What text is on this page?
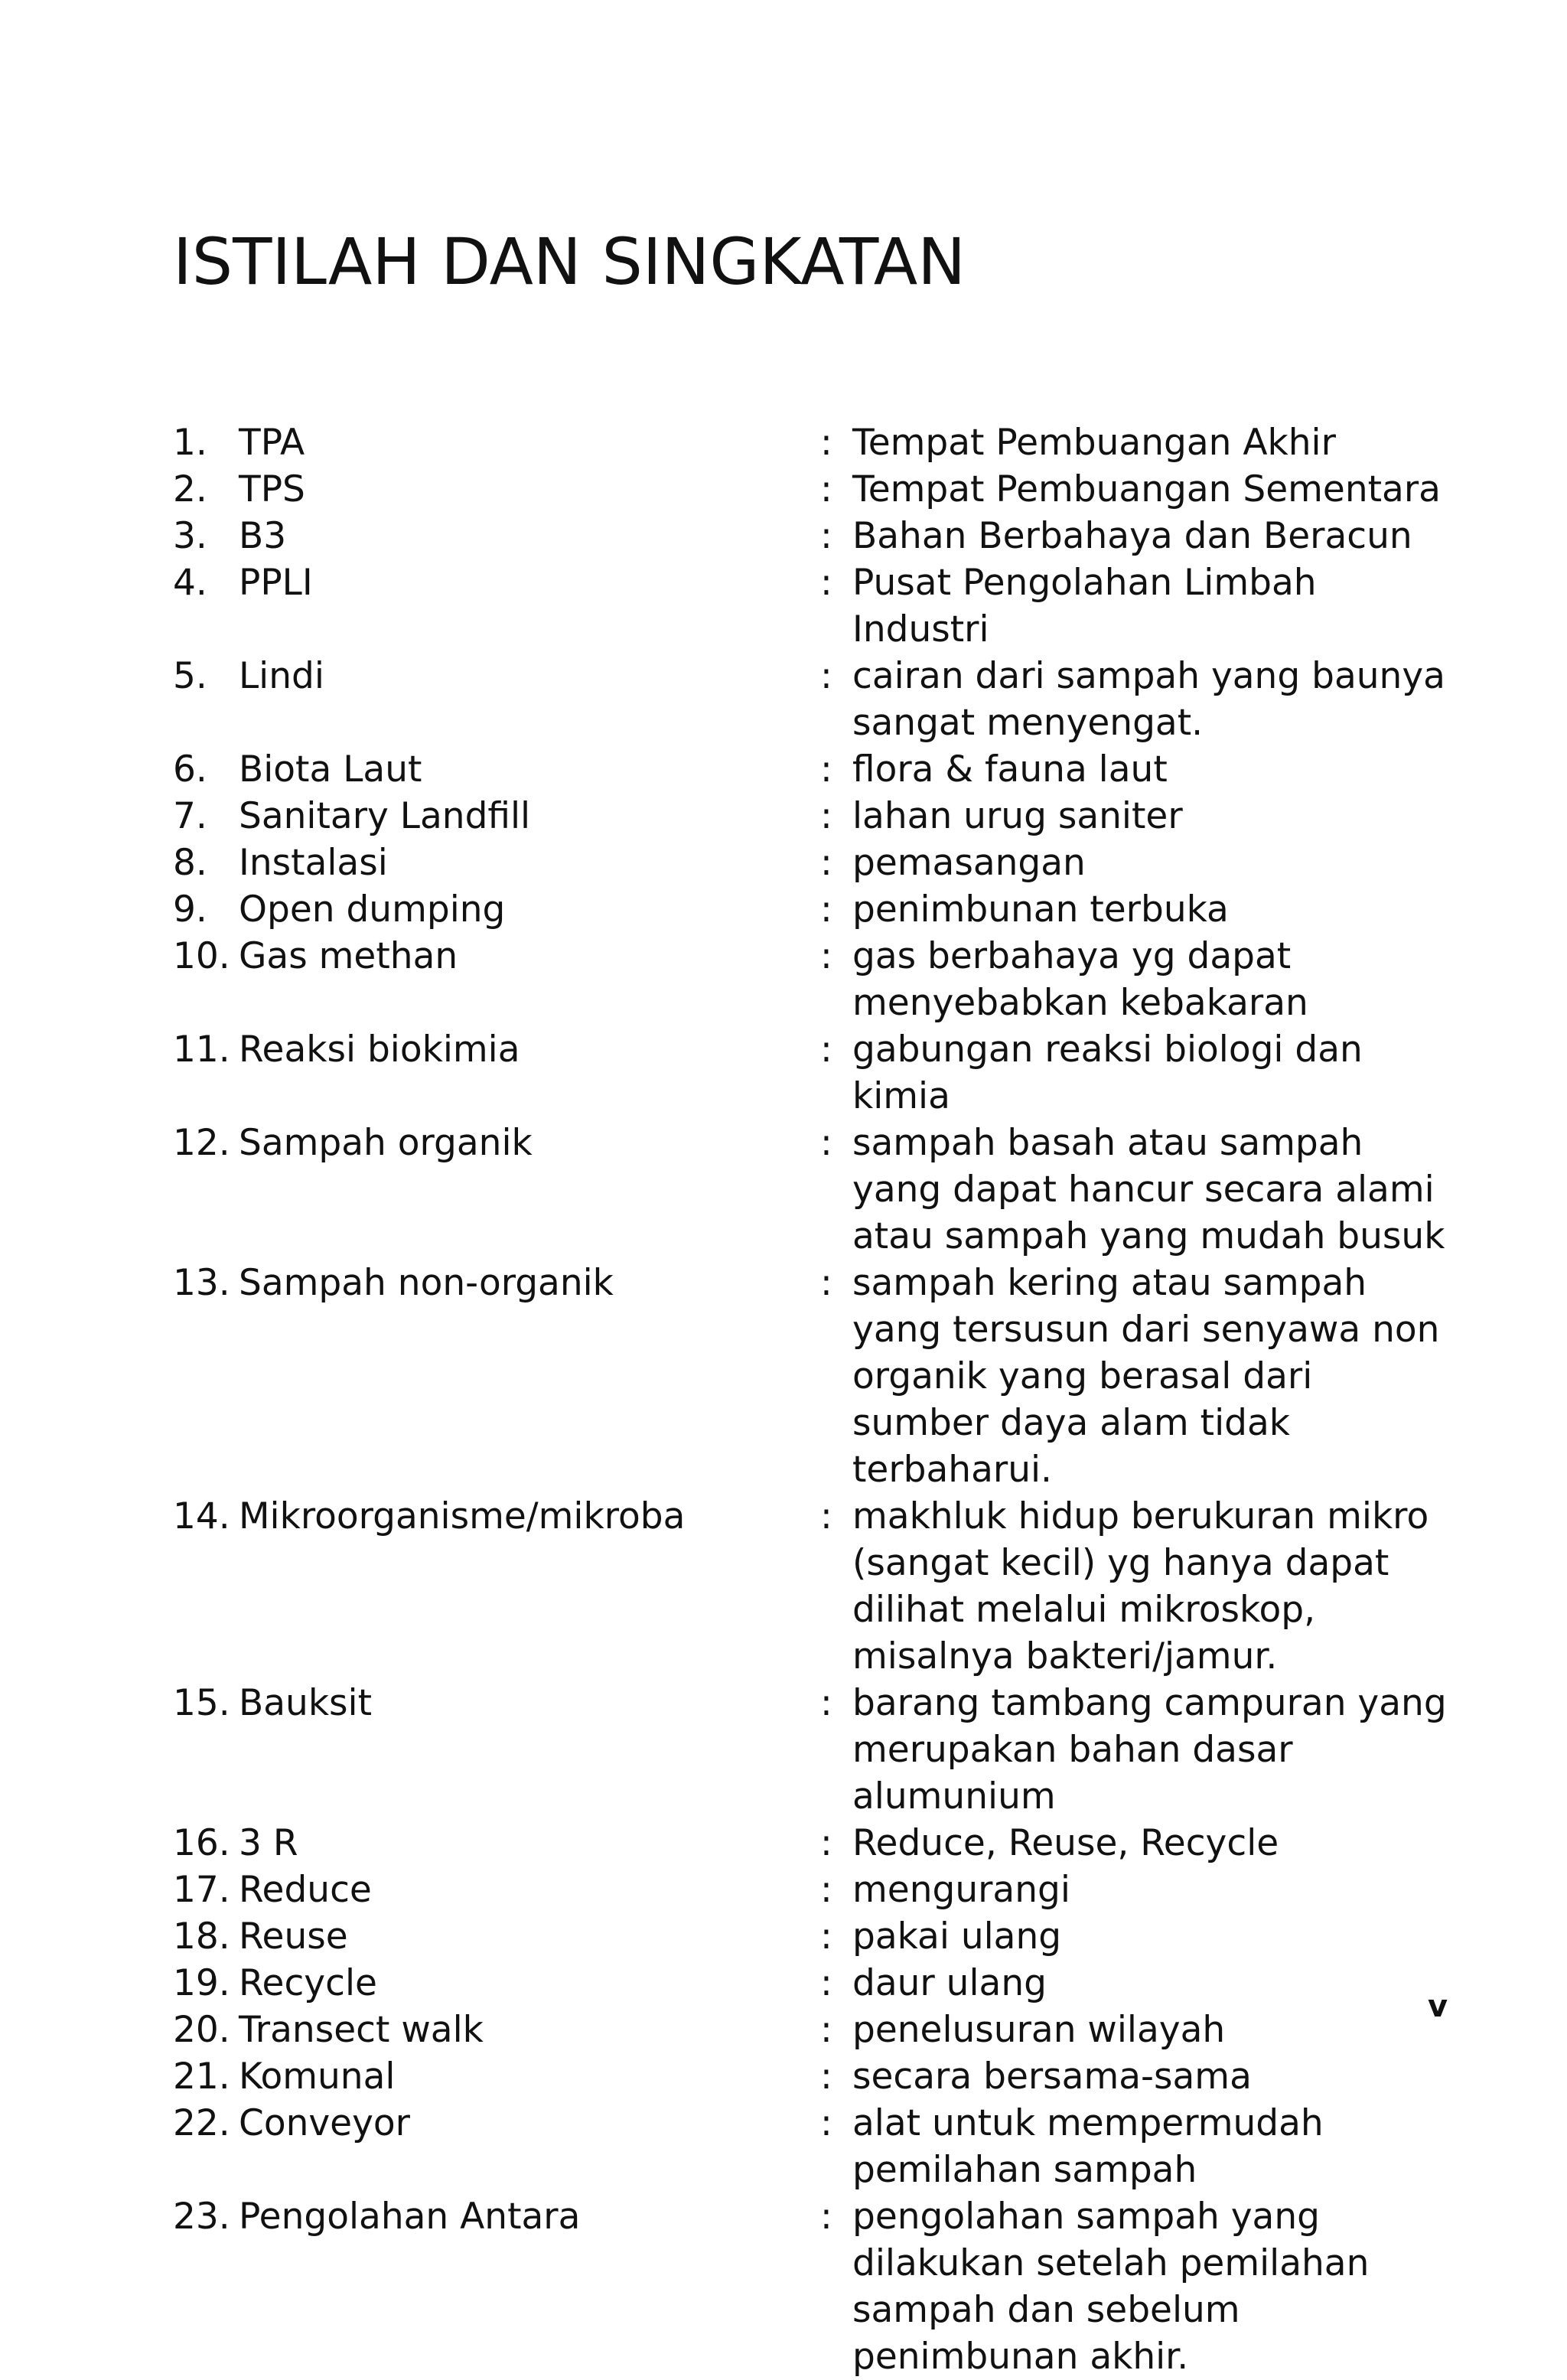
ISTILAH DAN SINGKATAN
1. TPA	: Tempat Pembuangan Akhir
2. TPS	: Tempat Pembuangan Sementara
3. B3	: Bahan Berbahaya dan Beracun
4. PPLI	: Pusat Pengolahan Limbah Industri
5. Lindi	: cairan dari sampah yang baunya sangat menyengat.
6. Biota Laut	: flora & fauna laut
7. Sanitary Landfill	: lahan urug saniter
8. Instalasi	: pemasangan
9. Open dumping	: penimbunan terbuka
10. Gas methan	: gas berbahaya yg dapat menyebabkan kebakaran
11. Reaksi biokimia	: gabungan reaksi biologi dan kimia
12. Sampah organik	: sampah basah atau sampah yang dapat hancur secara alami atau sampah yang mudah busuk
13. Sampah non-organik	: sampah kering atau sampah yang tersusun dari senyawa non organik yang berasal dari sumber daya alam tidak terbaharui.
14. Mikroorganisme/mikroba	: makhluk hidup berukuran mikro (sangat kecil) yg hanya dapat dilihat melalui mikroskop, misalnya bakteri/jamur.
15. Bauksit	: barang tambang campuran yang merupakan bahan dasar alumunium
16. 3 R	: Reduce, Reuse, Recycle
17. Reduce	: mengurangi
18. Reuse	: pakai ulang
19. Recycle	: daur ulang
20. Transect walk	: penelusuran wilayah
21. Komunal	: secara bersama-sama
22. Conveyor	: alat untuk mempermudah pemilahan sampah
23. Pengolahan Antara	: pengolahan sampah yang dilakukan setelah pemilahan sampah dan sebelum penimbunan akhir.
v
